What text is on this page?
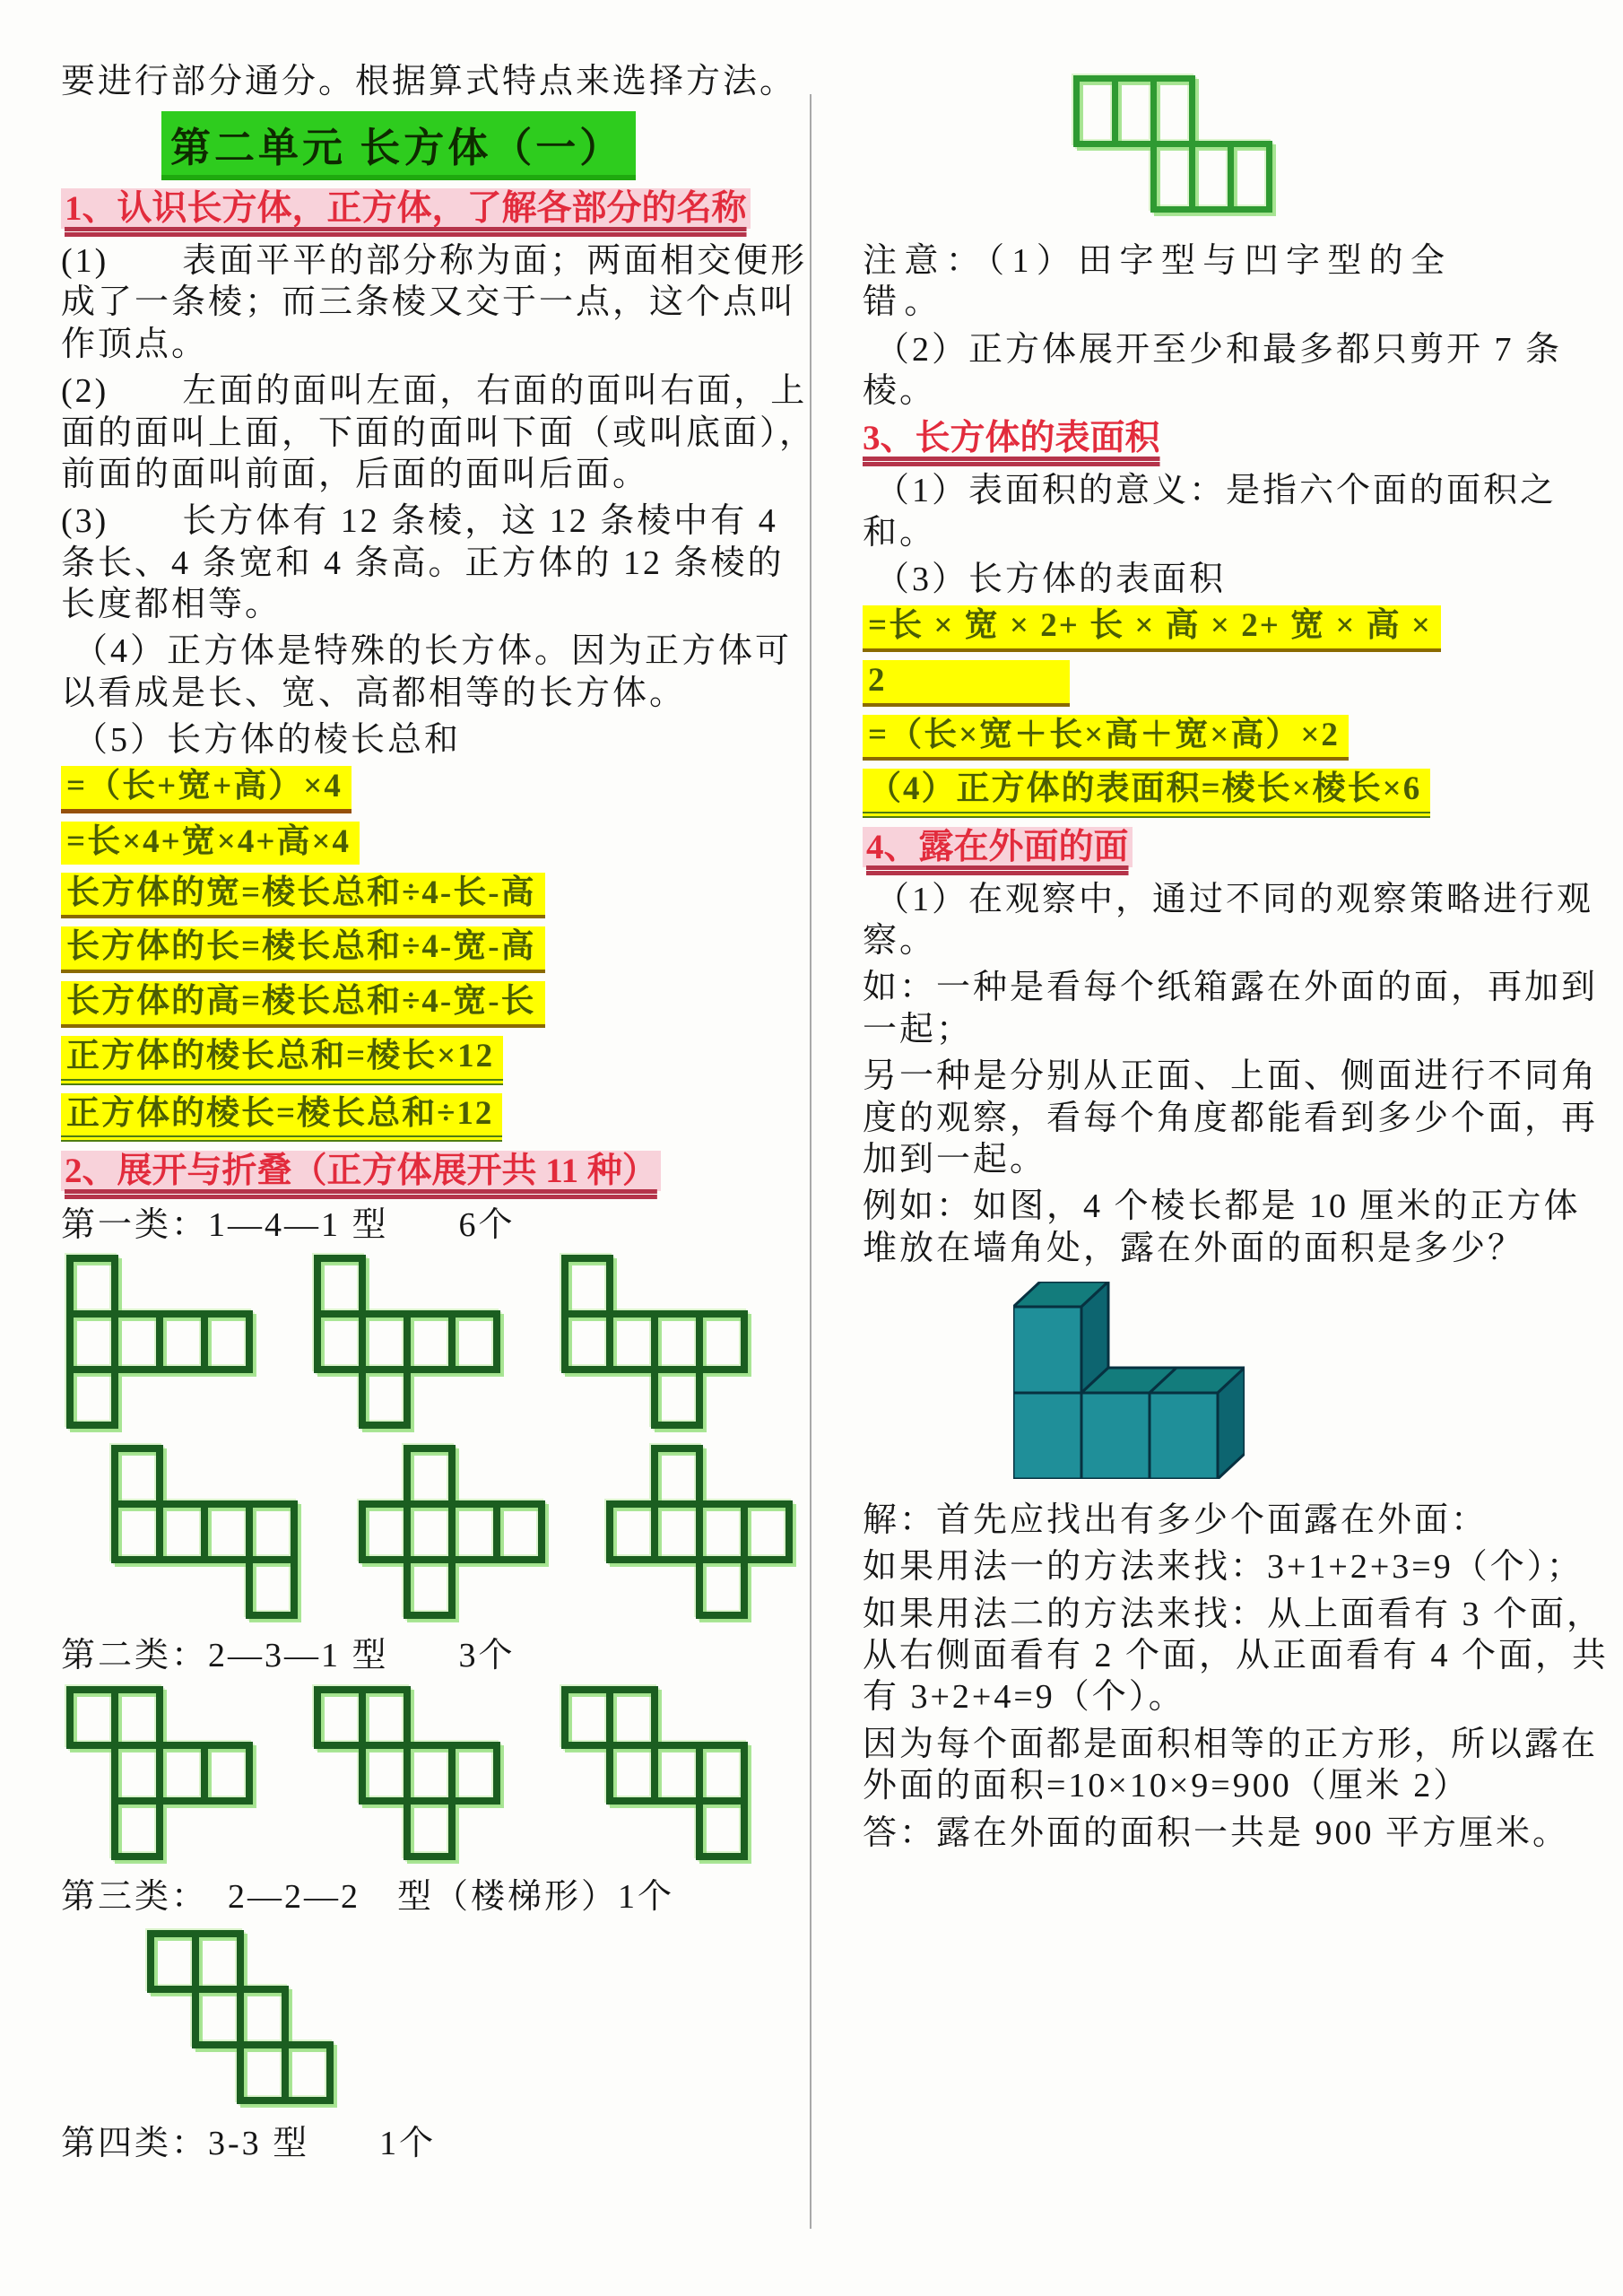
要进行部分通分。根据算式特点来选择方法。

第二单元 长方体（一）

1、认识长方体，正方体，了解各部分的名称

(1)　　表面平平的部分称为面；两面相交便形成了一条棱；而三条棱又交于一点，这个点叫作顶点。

(2)　　左面的面叫左面，右面的面叫右面，上面的面叫上面，下面的面叫下面（或叫底面），前面的面叫前面，后面的面叫后面。

(3)　　长方体有 12 条棱，这 12 条棱中有 4 条长、4 条宽和 4 条高。正方体的 12 条棱的长度都相等。

（4）正方体是特殊的长方体。因为正方体可以看成是长、宽、高都相等的长方体。

（5）长方体的棱长总和

=（长+宽+高）×4
=长×4+宽×4+高×4
长方体的宽=棱长总和÷4-长-高
长方体的长=棱长总和÷4-宽-高
长方体的高=棱长总和÷4-宽-长
正方体的棱长总和=棱长×12
正方体的棱长=棱长总和÷12

2、展开与折叠（正方体展开共 11 种）

第一类：1—4—1 型 6个

第二类：2—3—1 型 3个

第三类：　2—2—2　型（楼梯形）1个

第四类：3-3 型 1个

注意：（1）田字型与凹字型的全
错。

（2）正方体展开至少和最多都只剪开 7 条棱。

3、长方体的表面积

（1）表面积的意义：是指六个面的面积之和。

（3）长方体的表面积

=长 × 宽 × 2+ 长 × 高 × 2+ 宽 × 高 ×
2
=（长×宽＋长×高＋宽×高）×2
（4）正方体的表面积=棱长×棱长×6

4、露在外面的面

（1）在观察中，通过不同的观察策略进行观察。

如：一种是看每个纸箱露在外面的面，再加到一起；

另一种是分别从正面、上面、侧面进行不同角度的观察，看每个角度都能看到多少个面，再加到一起。

例如：如图，4 个棱长都是 10 厘米的正方体堆放在墙角处，露在外面的面积是多少？

解：首先应找出有多少个面露在外面：

如果用法一的方法来找：3+1+2+3=9（个）；

如果用法二的方法来找：从上面看有 3 个面，从右侧面看有 2 个面，从正面看有 4 个面，共有 3+2+4=9（个）。

因为每个面都是面积相等的正方形，所以露在外面的面积=10×10×9=900（厘米 2）

答：露在外面的面积一共是 900 平方厘米。
